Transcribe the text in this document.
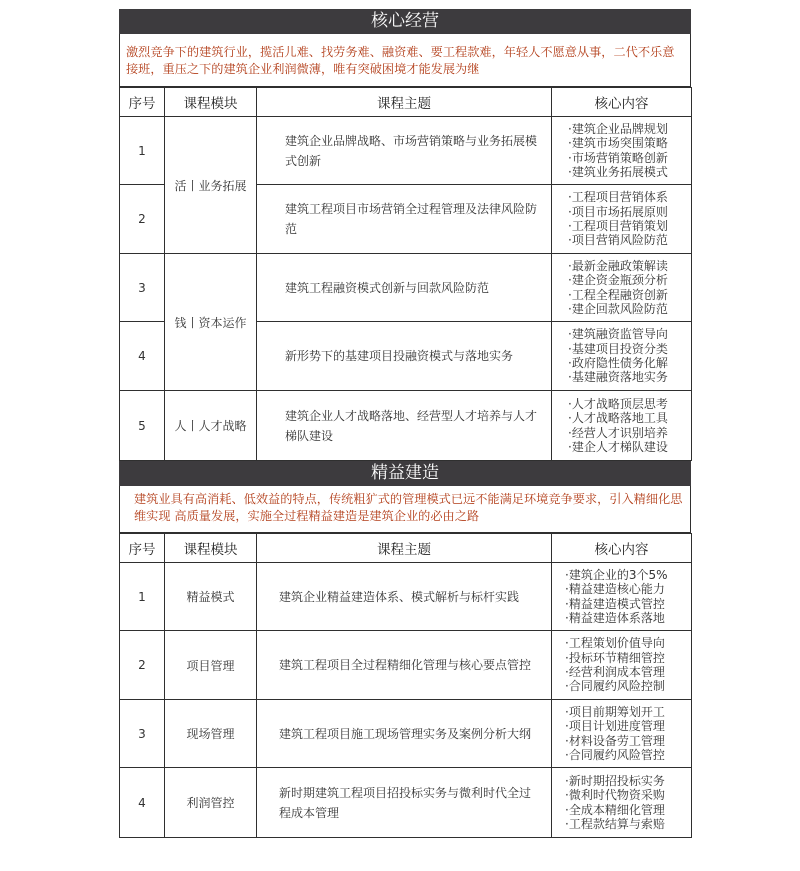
核心经营
激烈竞争下的建筑行业，揽活儿难、找劳务难、融资难、要工程款难，年轻人不愿意从事，二代不乐意接班，重压之下的建筑企业利润微薄，唯有突破困境才能发展为继
序号	课程模块	课程主题	核心内容
1	活丨业务拓展	建筑企业品牌战略、市场营销策略与业务拓展模式创新	·建筑企业品牌规划
·建筑市场突围策略
·市场营销策略创新
·建筑业务拓展模式

2		建筑工程项目市场营销全过程管理及法律风险防范	·工程项目营销体系
·项目市场拓展原则
·工程项目营销策划
·项目营销风险防范

3	钱丨资本运作	建筑工程融资模式创新与回款风险防范	·最新金融政策解读
·建企资金瓶颈分析
·工程全程融资创新
·建企回款风险防范

4		新形势下的基建项目投融资模式与落地实务	·建筑融资监管导向
·基建项目投资分类
·政府隐性债务化解
·基建融资落地实务

5	人丨人才战略	建筑企业人才战略落地、经营型人才培养与人才梯队建设	·人才战略顶层思考
·人才战略落地工具
·经营人才识别培养
·建企人才梯队建设
精益建造
建筑业具有高消耗、低效益的特点，传统粗犷式的管理模式已远不能满足环境竞争要求，引入精细化思维实现 高质量发展，实施全过程精益建造是建筑企业的必由之路
序号	课程模块	课程主题	核心内容
1	精益模式	建筑企业精益建造体系、模式解析与标杆实践	·建筑企业的3个5%
·精益建造核心能力
·精益建造模式管控
·精益建造体系落地

2	项目管理	建筑工程项目全过程精细化管理与核心要点管控	·工程策划价值导向
·投标环节精细管控
·经营利润成本管理
·合同履约风险控制

3	现场管理	建筑工程项目施工现场管理实务及案例分析大纲	·项目前期筹划开工
·项目计划进度管理
·材料设备劳工管理
·合同履约风险管控

4	利润管控	新时期建筑工程项目招投标实务与微利时代全过程成本管理	·新时期招投标实务
·微利时代物资采购
·全成本精细化管理
·工程款结算与索赔
